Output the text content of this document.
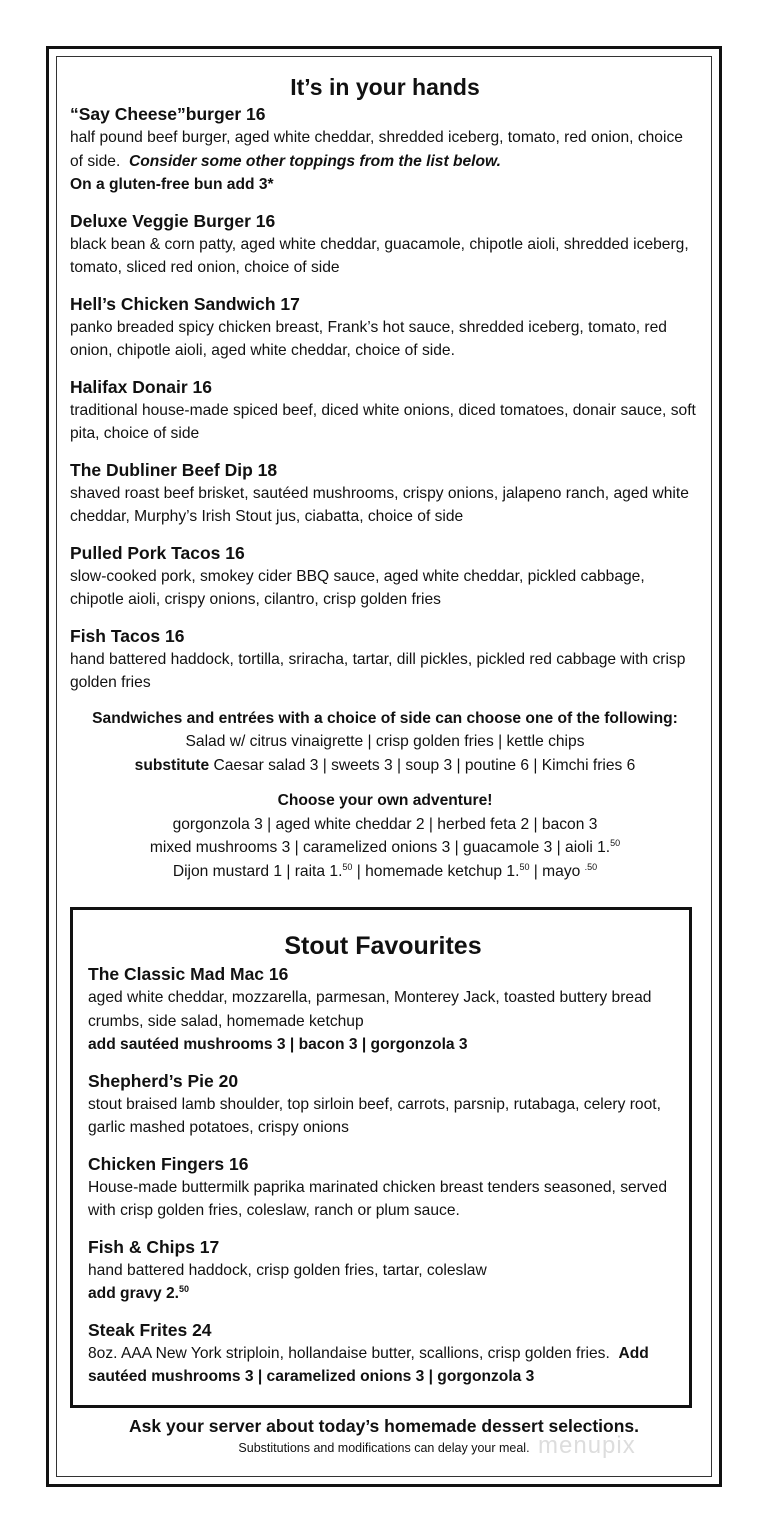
It’s in your hands
“Say Cheese”burger 16
half pound beef burger, aged white cheddar, shredded iceberg, tomato, red onion, choice of side. Consider some other toppings from the list below.
On a gluten-free bun add 3*
Deluxe Veggie Burger 16
black bean & corn patty, aged white cheddar, guacamole, chipotle aioli, shredded iceberg, tomato, sliced red onion, choice of side
Hell’s Chicken Sandwich 17
panko breaded spicy chicken breast, Frank’s hot sauce, shredded iceberg, tomato, red onion, chipotle aioli, aged white cheddar, choice of side.
Halifax Donair 16
traditional house-made spiced beef, diced white onions, diced tomatoes, donair sauce, soft pita, choice of side
The Dubliner Beef Dip 18
shaved roast beef brisket, sautéed mushrooms, crispy onions, jalapeno ranch, aged white cheddar, Murphy’s Irish Stout jus, ciabatta, choice of side
Pulled Pork Tacos 16
slow-cooked pork, smokey cider BBQ sauce, aged white cheddar, pickled cabbage, chipotle aioli, crispy onions, cilantro, crisp golden fries
Fish Tacos 16
hand battered haddock, tortilla, sriracha, tartar, dill pickles, pickled red cabbage with crisp golden fries
Sandwiches and entrées with a choice of side can choose one of the following:
Salad w/ citrus vinaigrette | crisp golden fries | kettle chips
substitute Caesar salad 3 | sweets 3 | soup 3 | poutine 6 | Kimchi fries 6
Choose your own adventure!
gorgonzola 3 | aged white cheddar 2 | herbed feta 2 | bacon 3
mixed mushrooms 3 | caramelized onions 3 | guacamole 3 | aioli 1.50
Dijon mustard 1 | raita 1.50 | homemade ketchup 1.50 | mayo $^{.50}$
Stout Favourites
The Classic Mad Mac 16
aged white cheddar, mozzarella, parmesan, Monterey Jack, toasted buttery bread crumbs, side salad, homemade ketchup
add sautéed mushrooms 3 | bacon 3 | gorgonzola 3
Shepherd’s Pie 20
stout braised lamb shoulder, top sirloin beef, carrots, parsnip, rutabaga, celery root, garlic mashed potatoes, crispy onions
Chicken Fingers 16
House-made buttermilk paprika marinated chicken breast tenders seasoned, served with crisp golden fries, coleslaw, ranch or plum sauce.
Fish & Chips 17
hand battered haddock, crisp golden fries, tartar, coleslaw
add gravy 2.50
Steak Frites 24
8oz. AAA New York striploin, hollandaise butter, scallions, crisp golden fries. Add sautéed mushrooms 3 | caramelized onions 3 | gorgonzola 3
Ask your server about today’s homemade dessert selections.
Substitutions and modifications can delay your meal. menupix
